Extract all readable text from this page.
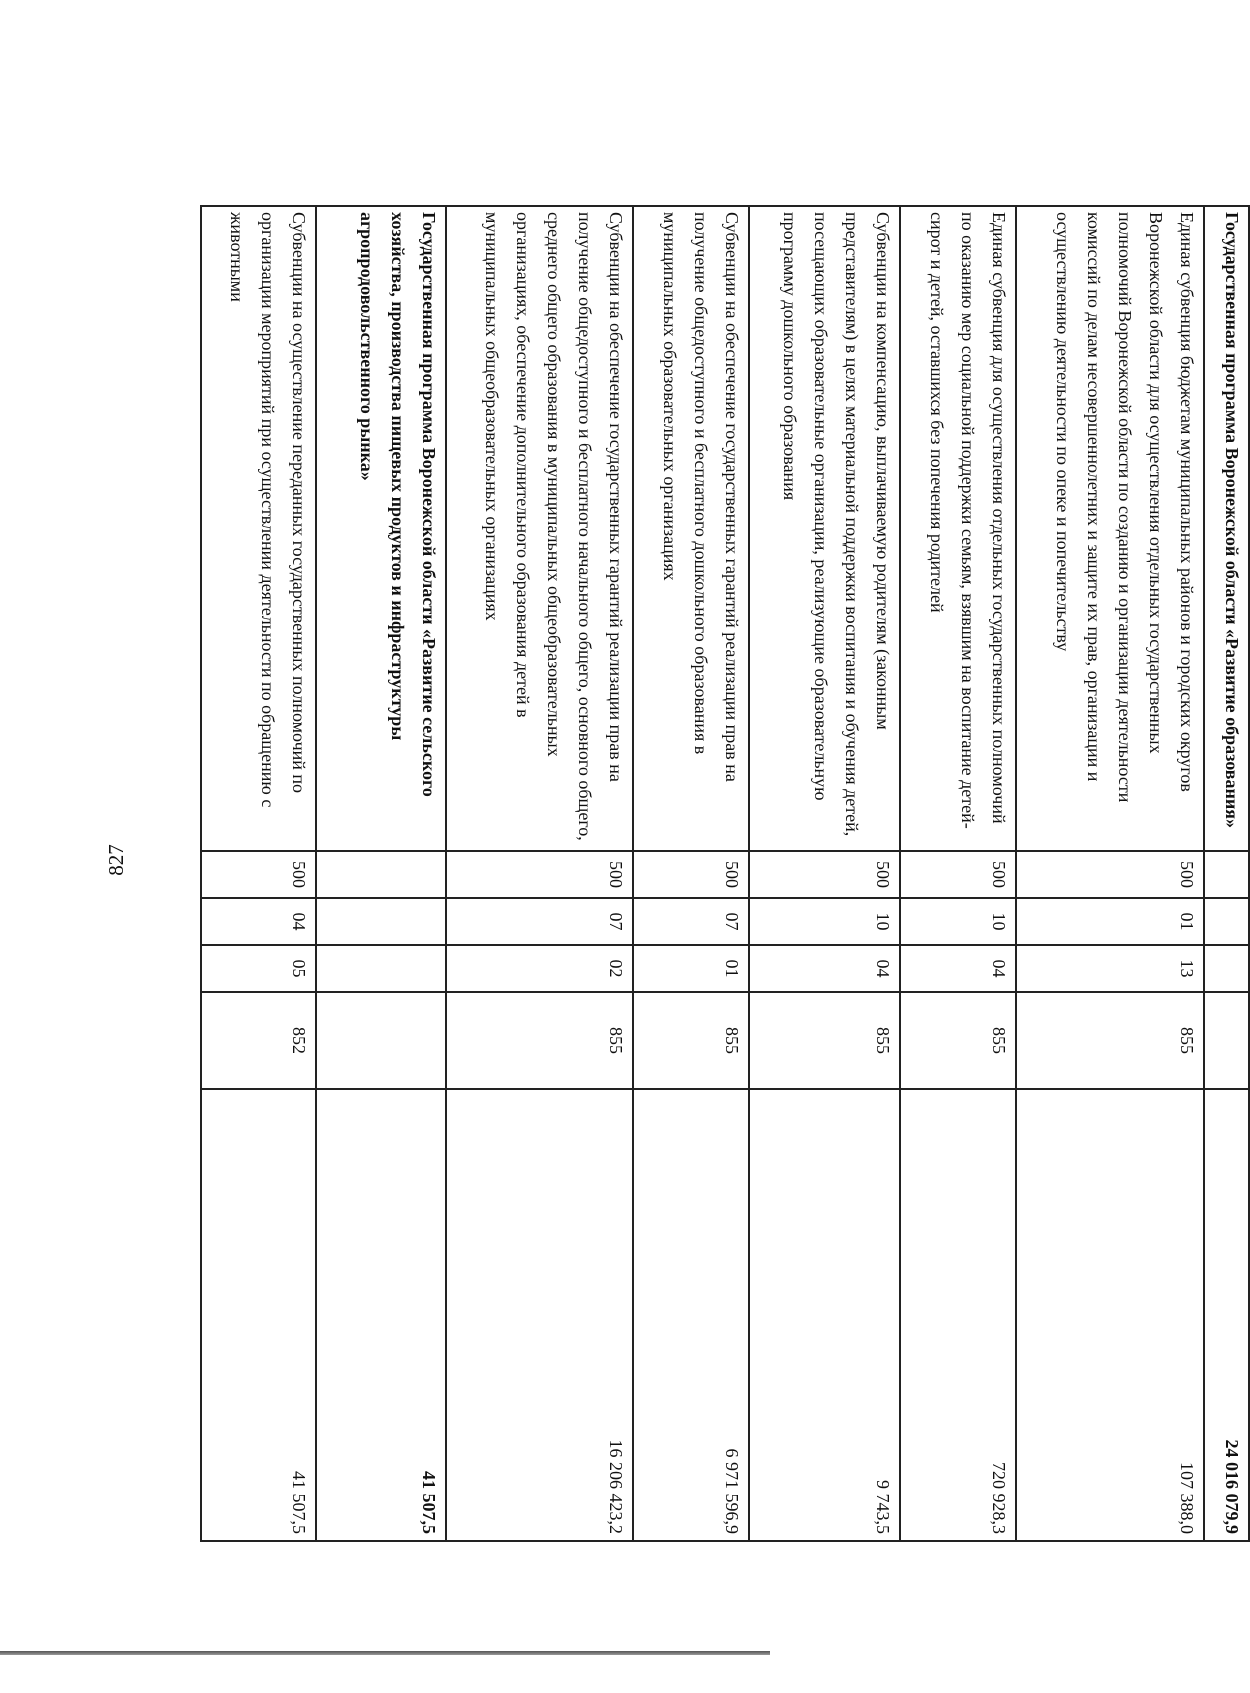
827
Государственная программа Воронежской области «Развитие образования»					24 016 079,9
Единая субвенция бюджетам муниципальных районов и городских округов Воронежской области для осуществления отдельных государственных полномочий Воронежской области по созданию и организации деятельности комиссий по делам несовершеннолетних и защите их прав, организации и осуществлению деятельности по опеке и попечительству	500	01	13	855	107 388,0
Единая субвенция для осуществления отдельных государственных полномочий по оказанию мер социальной поддержки семьям, взявшим на воспитание детей-сирот и детей, оставшихся без попечения родителей	500	10	04	855	720 928,3
Субвенции на компенсацию, выплачиваемую родителям (законным представителям) в целях материальной поддержки воспитания и обучения детей, посещающих образовательные организации, реализующие образовательную программу дошкольного образования	500	10	04	855	9 743,5
Субвенции на обеспечение государственных гарантий реализации прав на получение общедоступного и бесплатного дошкольного образования в муниципальных образовательных организациях	500	07	01	855	6 971 596,9
Субвенции на обеспечение государственных гарантий реализации прав на получение общедоступного и бесплатного начального общего, основного общего, среднего общего образования в муниципальных общеобразовательных организациях, обеспечение дополнительного образования детей в муниципальных общеобразовательных организациях	500	07	02	855	16 206 423,2
Государственная программа Воронежской области «Развитие сельского хозяйства, производства пищевых продуктов и инфраструктуры агропродовольственного рынка»					41 507,5
Субвенции на осуществление переданных государственных полномочий по организации мероприятий при осуществлении деятельности по обращению с животными	500	04	05	852	41 507,5
